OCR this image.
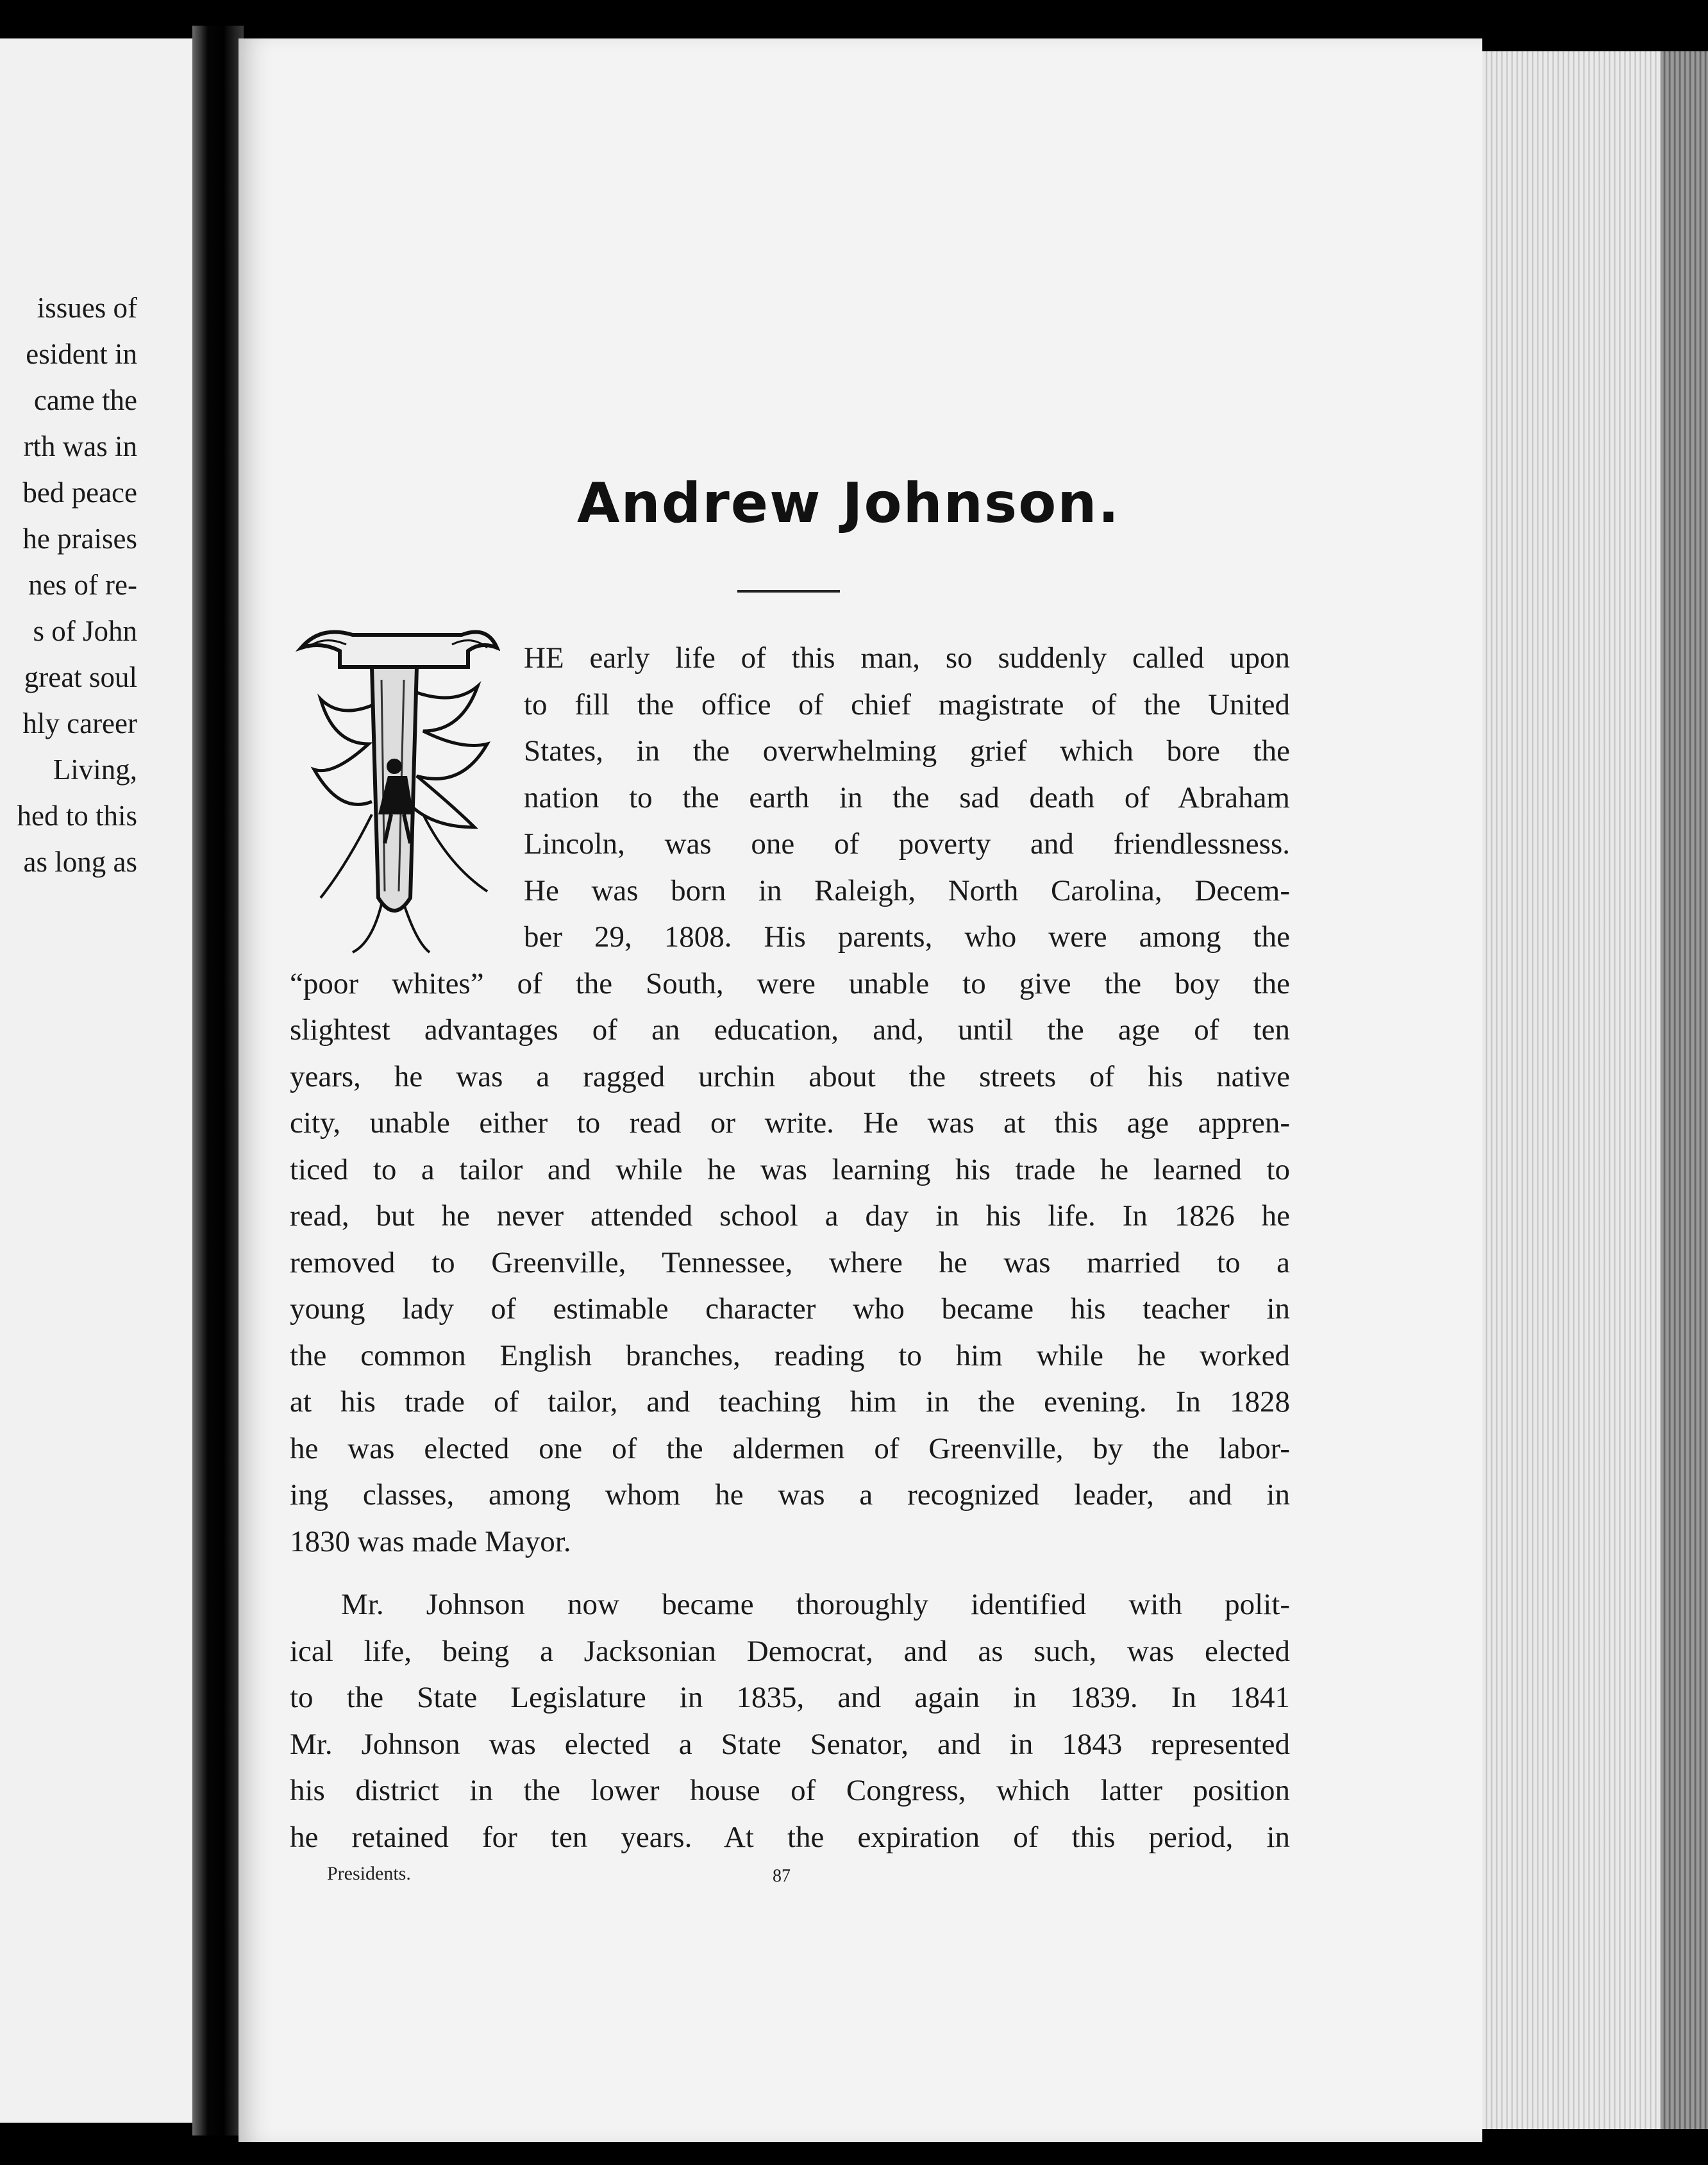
issues of
esident in
came the
rth was in
bed peace
he praises
nes of re-
s of John
great soul
hly career
Living,
hed to this
as long as
Andrew Johnson.
HE early life of this man, so suddenly called upon
to fill the office of chief magistrate of the United
States, in the overwhelming grief which bore the
nation to the earth in the sad death of Abraham
Lincoln, was one of poverty and friendlessness.
He was born in Raleigh, North Carolina, Decem-
ber 29, 1808. His parents, who were among the
“poor whites” of the South, were unable to give the boy the
slightest advantages of an education, and, until the age of ten
years, he was a ragged urchin about the streets of his native
city, unable either to read or write. He was at this age appren-
ticed to a tailor and while he was learning his trade he learned to
read, but he never attended school a day in his life. In 1826 he
removed to Greenville, Tennessee, where he was married to a
young lady of estimable character who became his teacher in
the common English branches, reading to him while he worked
at his trade of tailor, and teaching him in the evening. In 1828
he was elected one of the aldermen of Greenville, by the labor-
ing classes, among whom he was a recognized leader, and in
1830 was made Mayor.
Mr. Johnson now became thoroughly identified with polit-
ical life, being a Jacksonian Democrat, and as such, was elected
to the State Legislature in 1835, and again in 1839. In 1841
Mr. Johnson was elected a State Senator, and in 1843 represented
his district in the lower house of Congress, which latter position
he retained for ten years. At the expiration of this period, in
Presidents.	87
